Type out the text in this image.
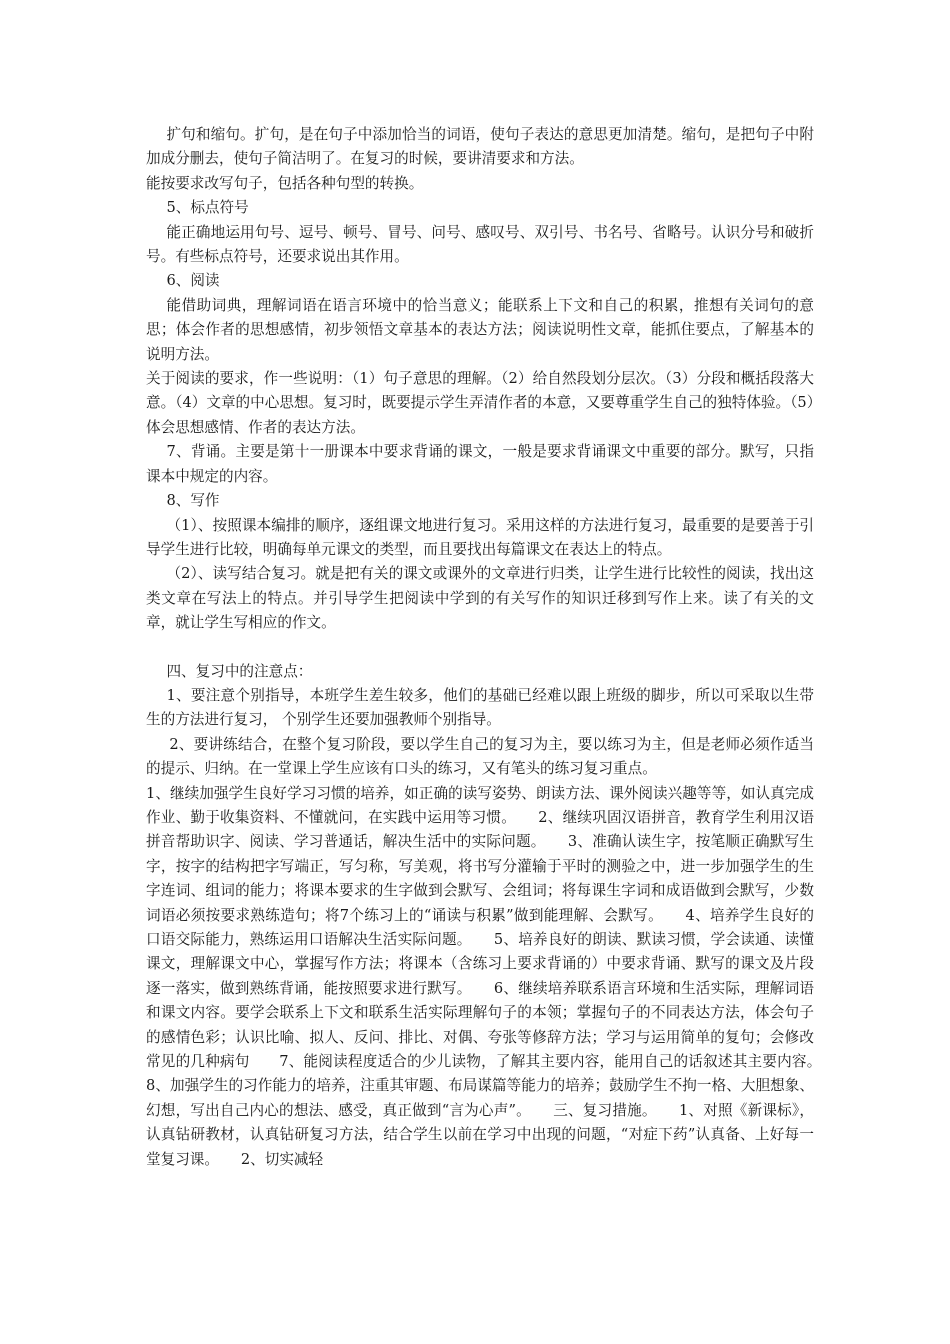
扩句和缩句。扩句，是在句子中添加恰当的词语，使句子表达的意思更加清楚。缩句，是把句子中附加成分删去，使句子简洁明了。在复习的时候，要讲清要求和方法。

能按要求改写句子，包括各种句型的转换。

5、标点符号

能正确地运用句号、逗号、顿号、冒号、问号、感叹号、双引号、书名号、省略号。认识分号和破折号。有些标点符号，还要求说出其作用。

6、阅读

能借助词典，理解词语在语言环境中的恰当意义；能联系上下文和自己的积累，推想有关词句的意思；体会作者的思想感情，初步领悟文章基本的表达方法；阅读说明性文章，能抓住要点，了解基本的说明方法。

关于阅读的要求，作一些说明：（1）句子意思的理解。（2）给自然段划分层次。（3）分段和概括段落大意。（4）文章的中心思想。复习时，既要提示学生弄清作者的本意，又要尊重学生自己的独特体验。（5）体会思想感情、作者的表达方法。

7、背诵。主要是第十一册课本中要求背诵的课文，一般是要求背诵课文中重要的部分。默写，只指课本中规定的内容。

8、写作

（1）、按照课本编排的顺序，逐组课文地进行复习。采用这样的方法进行复习，最重要的是要善于引导学生进行比较，明确每单元课文的类型，而且要找出每篇课文在表达上的特点。

（2）、读写结合复习。就是把有关的课文或课外的文章进行归类，让学生进行比较性的阅读，找出这类文章在写法上的特点。并引导学生把阅读中学到的有关写作的知识迁移到写作上来。读了有关的文章，就让学生写相应的作文。

四、复习中的注意点：

1、要注意个别指导，本班学生差生较多，他们的基础已经难以跟上班级的脚步，所以可采取以生带生的方法进行复习， 个别学生还要加强教师个别指导。

2、要讲练结合，在整个复习阶段，要以学生自己的复习为主，要以练习为主，但是老师必须作适当的提示、归纳。在一堂课上学生应该有口头的练习，又有笔头的练习复习重点。

1、继续加强学生良好学习习惯的培养，如正确的读写姿势、朗读方法、课外阅读兴趣等等，如认真完成作业、勤于收集资料、不懂就问，在实践中运用等习惯。　　2、继续巩固汉语拼音，教育学生利用汉语拼音帮助识字、阅读、学习普通话，解决生活中的实际问题。　　3、准确认读生字，按笔顺正确默写生字，按字的结构把字写端正，写匀称，写美观，将书写分灌输于平时的测验之中，进一步加强学生的生字连词、组词的能力；将课本要求的生字做到会默写、会组词；将每课生字词和成语做到会默写，少数词语必须按要求熟练造句；将7个练习上的“诵读与积累”做到能理解、会默写。　　4、培养学生良好的口语交际能力，熟练运用口语解决生活实际问题。　　5、培养良好的朗读、默读习惯，学会读通、读懂课文，理解课文中心，掌握写作方法；将课本（含练习上要求背诵的）中要求背诵、默写的课文及片段逐一落实，做到熟练背诵，能按照要求进行默写。　　6、继续培养联系语言环境和生活实际，理解词语和课文内容。要学会联系上下文和联系生活实际理解句子的本领；掌握句子的不同表达方法，体会句子的感情色彩；认识比喻、拟人、反问、排比、对偶、夸张等修辞方法；学习与运用简单的复句；会修改常见的几种病句　　7、能阅读程度适合的少儿读物，了解其主要内容，能用自己的话叙述其主要内容。　　8、加强学生的习作能力的培养，注重其审题、布局谋篇等能力的培养；鼓励学生不拘一格、大胆想象、幻想，写出自己内心的想法、感受，真正做到“言为心声”。　　三、复习措施。　　1、对照《新课标》，认真钻研教材，认真钻研复习方法，结合学生以前在学习中出现的问题，“对症下药”认真备、上好每一堂复习课。　　2、切实减轻
